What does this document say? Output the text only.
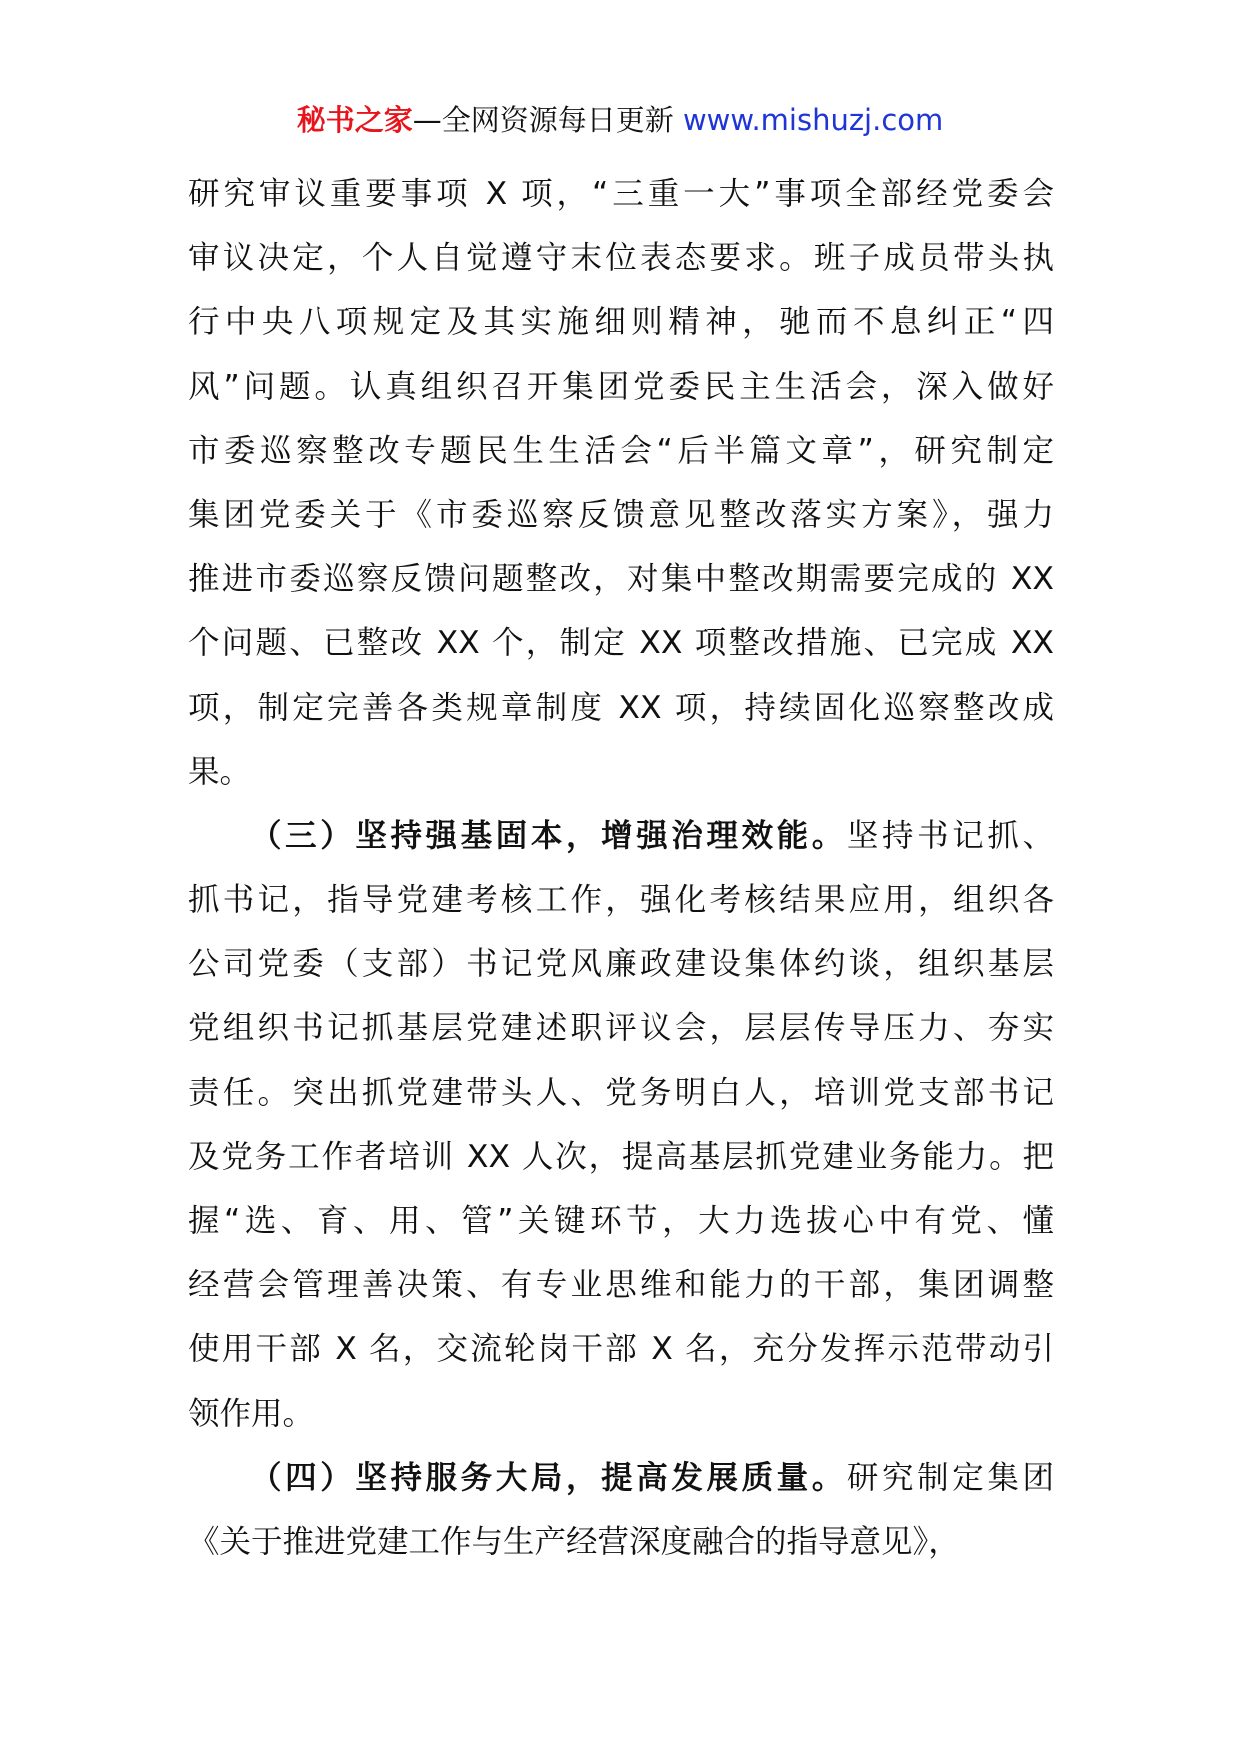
秘书之家—全网资源每日更新 www.mishuzj.com
研究审议重要事项 X 项，“三重一大”事项全部经党委会
审议决定，个人自觉遵守末位表态要求。班子成员带头执
行中央八项规定及其实施细则精神，驰而不息纠正“四
风”问题。认真组织召开集团党委民主生活会，深入做好
市委巡察整改专题民生生活会“后半篇文章”，研究制定
集团党委关于《市委巡察反馈意见整改落实方案》，强力
推进市委巡察反馈问题整改，对集中整改期需要完成的 XX
个问题、已整改 XX 个，制定 XX 项整改措施、已完成 XX
项，制定完善各类规章制度 XX 项，持续固化巡察整改成
果。
（三）坚持强基固本，增强治理效能。坚持书记抓、
抓书记，指导党建考核工作，强化考核结果应用，组织各
公司党委（支部）书记党风廉政建设集体约谈，组织基层
党组织书记抓基层党建述职评议会，层层传导压力、夯实
责任。突出抓党建带头人、党务明白人，培训党支部书记
及党务工作者培训 XX 人次，提高基层抓党建业务能力。把
握“选、育、用、管”关键环节，大力选拔心中有党、懂
经营会管理善决策、有专业思维和能力的干部，集团调整
使用干部 X 名，交流轮岗干部 X 名，充分发挥示范带动引
领作用。
（四）坚持服务大局，提高发展质量。研究制定集团
《关于推进党建工作与生产经营深度融合的指导意见》，
